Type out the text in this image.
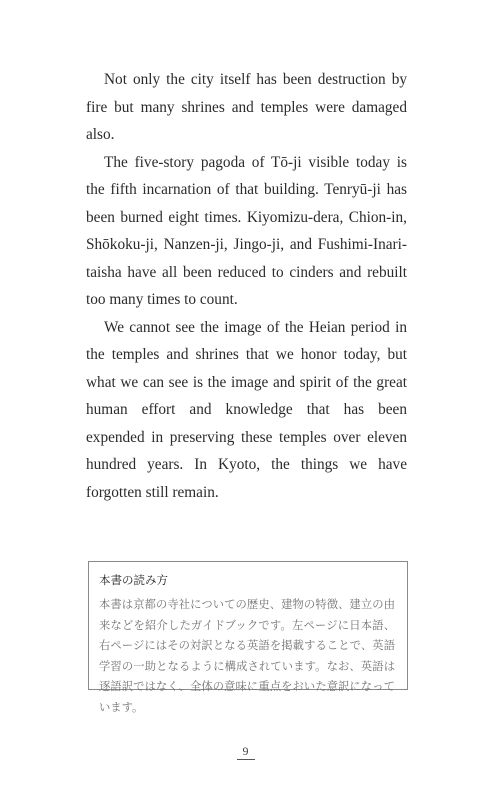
Not only the city itself has been destruction by fire but many shrines and temples were damaged also.

The five-story pagoda of Tō-ji visible today is the fifth incarnation of that building. Tenryū-ji has been burned eight times. Kiyomizu-dera, Chion-in, Shōkoku-ji, Nanzen-ji, Jingo-ji, and Fushimi-Inari-taisha have all been reduced to cinders and rebuilt too many times to count.

We cannot see the image of the Heian period in the temples and shrines that we honor today, but what we can see is the image and spirit of the great human effort and knowledge that has been expended in preserving these temples over eleven hundred years. In Kyoto, the things we have forgotten still remain.

本書の読み方

本書は京都の寺社についての歴史、建物の特徴、建立の由来などを紹介したガイドブックです。左ページに日本語、右ページにはその対訳となる英語を掲載することで、英語学習の一助となるように構成されています。なお、英語は逐語訳ではなく、全体の意味に重点をおいた意訳になっています。

9
